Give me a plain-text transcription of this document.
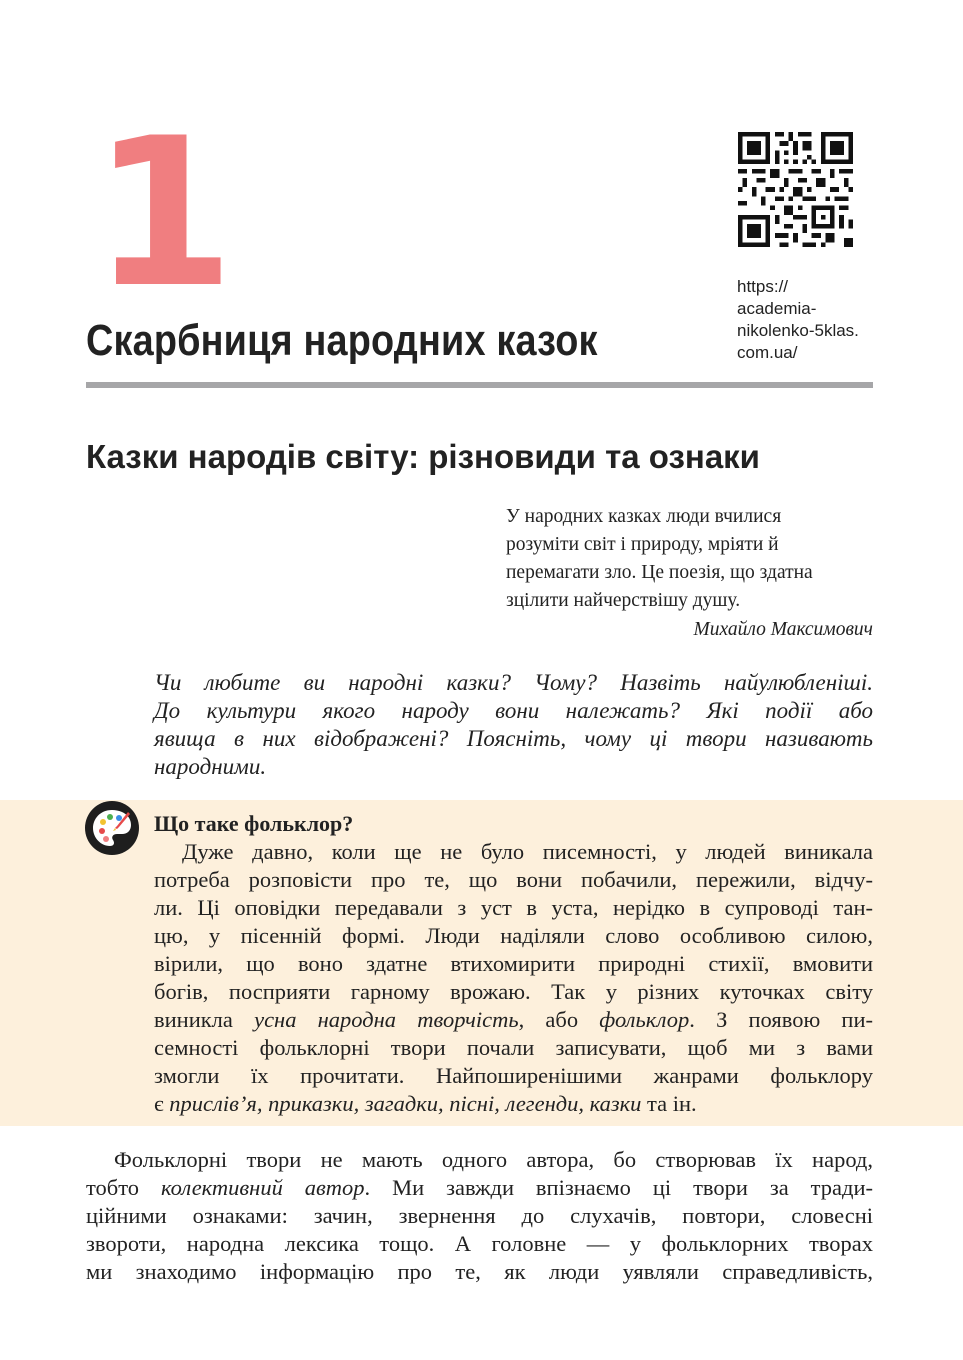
1
Скарбниця народних казок
https://
academia-
nikolenko-5klas.
com.ua/
Казки народів світу: різновиди та ознаки
У народних казках люди вчилися
розуміти світ і природу, мріяти й
перемагати зло. Це поезія, що здатна
зцілити найчерствішу душу.
Михайло Максимович
Чи любите ви народні казки? Чому? Назвіть найулюбленіші.
До культури якого народу вони належать? Які події або
явища в них відображені? Поясніть, чому ці твори називають
народними.
Що таке фольклор?
Дуже давно, коли ще не було писемності, у людей виникала
потреба розповісти про те, що вони побачили, пережили, відчу-
ли. Ці оповідки передавали з уст в уста, нерідко в супроводі тан-
цю, у пісенній формі. Люди наділяли слово особливою силою,
вірили, що воно здатне втихомирити природні стихії, вмовити
богів, посприяти гарному врожаю. Так у різних куточках світу
виникла усна народна творчість, або фольклор. З появою пи-
семності фольклорні твори почали записувати, щоб ми з вами
змогли їх прочитати. Найпоширенішими жанрами фольклору
є прислів’я, приказки, загадки, пісні, легенди, казки та ін.
Фольклорні твори не мають одного автора, бо створював їх народ,
тобто колективний автор. Ми завжди впізнаємо ці твори за тради-
ційними ознаками: зачин, звернення до слухачів, повтори, словесні
звороти, народна лексика тощо. А головне — у фольклорних творах
ми знаходимо інформацію про те, як люди уявляли справедливість,
